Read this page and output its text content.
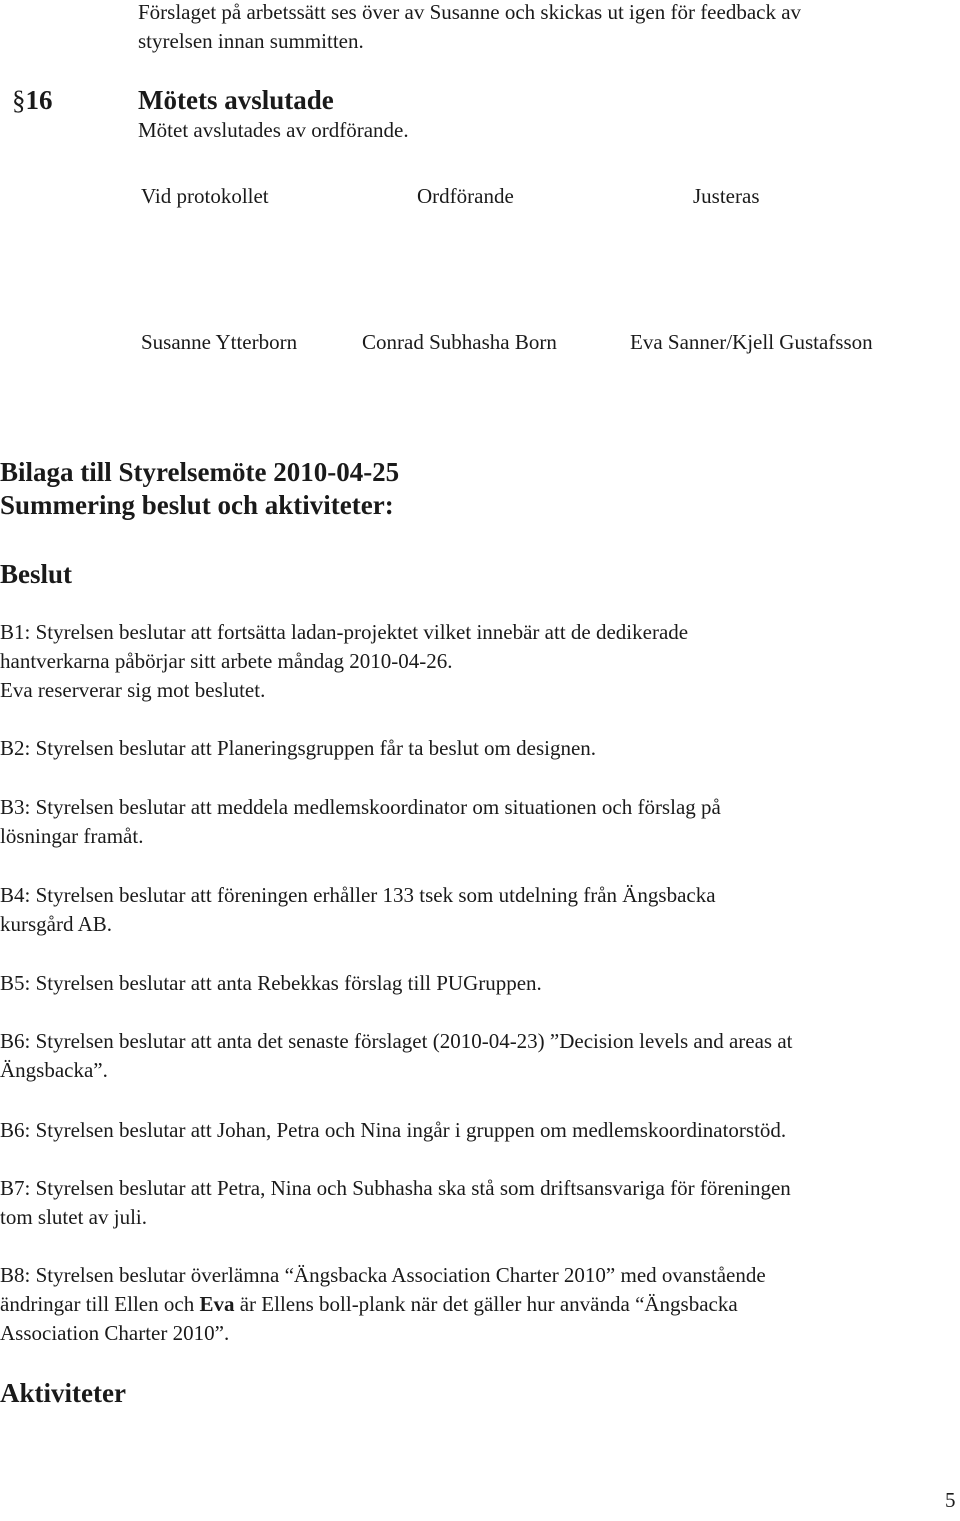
Förslaget på arbetssätt ses över av Susanne och skickas ut igen för feedback av
styrelsen innan summitten.
§16	Mötets avslutade
Mötet avslutades av ordförande.
Vid protokollet	Ordförande	Justeras
Susanne Ytterborn	Conrad Subhasha Born	Eva Sanner/Kjell Gustafsson
Bilaga till Styrelsemöte 2010-04-25
Summering beslut och aktiviteter:
Beslut
B1: Styrelsen beslutar att fortsätta ladan-projektet vilket innebär att de dedikerade
hantverkarna påbörjar sitt arbete måndag 2010-04-26.
Eva reserverar sig mot beslutet.
B2: Styrelsen beslutar att Planeringsgruppen får ta beslut om designen.
B3: Styrelsen beslutar att meddela medlemskoordinator om situationen och förslag på
lösningar framåt.
B4: Styrelsen beslutar att föreningen erhåller 133 tsek som utdelning från Ängsbacka
kursgård AB.
B5: Styrelsen beslutar att anta Rebekkas förslag till PUGruppen.
B6: Styrelsen beslutar att anta det senaste förslaget (2010-04-23) ”Decision levels and areas at
Ängsbacka”.
B6: Styrelsen beslutar att Johan, Petra och Nina ingår i gruppen om medlemskoordinatorstöd.
B7: Styrelsen beslutar att Petra, Nina och Subhasha ska stå som driftsansvariga för föreningen
tom slutet av juli.
B8: Styrelsen beslutar överlämna “Ängsbacka Association Charter 2010” med ovanstående
ändringar till Ellen och Eva är Ellens boll-plank när det gäller hur använda “Ängsbacka
Association Charter 2010”.
Aktiviteter
5
